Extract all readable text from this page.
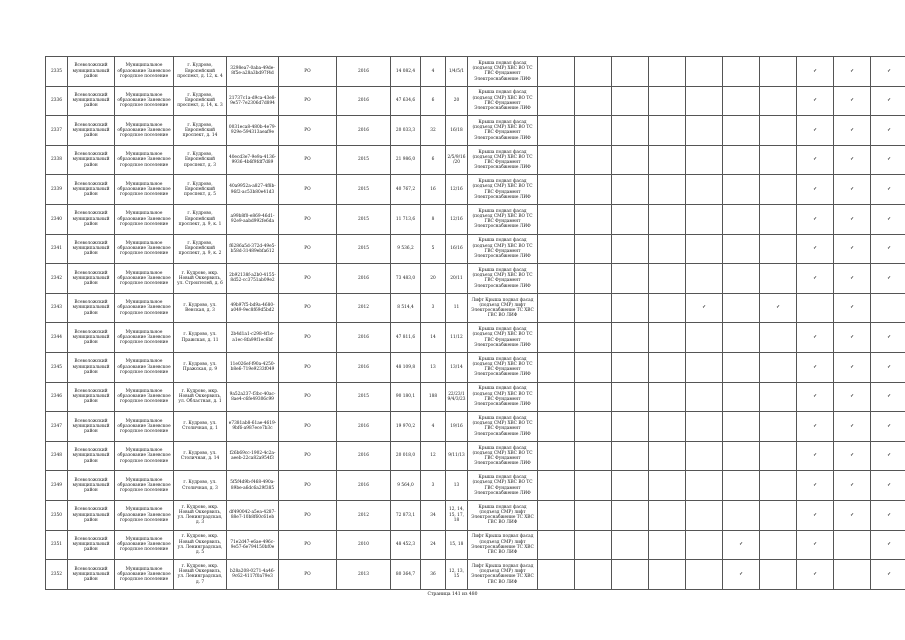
2335	Всеволожский муниципальный район	Муниципальное образование Заневское городское поселение	г. Кудрово, Европейский проспект, д. 12, к. 4	3298ea7-0aba-49de-8f5e-a28a3bd97f4d	РО	2016	14 082,4	4	1/4/5/1	Крыша подвал фасад (подъезд СМР) ХВС ВО ТС ГВС Фундамент Электроснабжение ЛИФ								✓	✓	✓
2336	Всеволожский муниципальный район	Муниципальное образование Заневское городское поселение	г. Кудрово, Европейский проспект, д. 14, к. 3	21737c1a-d9ca-43e8-9e57-7e2306d7d894	РО	2016	47 634,6	6	20	Крыша подвал фасад (подъезд СМР) ХВС ВО ТС ГВС Фундамент Электроснабжение ЛИФ								✓	✓	✓
2337	Всеволожский муниципальный район	Муниципальное образование Заневское городское поселение	г. Кудрово, Европейский проспект, д. 14	0031eca8-480b-4e79-929e-594313aeaf9e	РО	2016	20 033,3	32	16/18	Крыша подвал фасад (подъезд СМР) ХВС ВО ТС ГВС Фундамент Электроснабжение ЛИФ								✓	✓	✓
2338	Всеволожский муниципальный район	Муниципальное образование Заневское городское поселение	г. Кудрово, Европейский проспект, д. 3	40ecd3e7-9e9a-4136-9936-4b6f9fdf7d89	РО	2015	21 986,0	6	2/5/9/16/20	Крыша подвал фасад (подъезд СМР) ХВС ВО ТС ГВС Фундамент Электроснабжение ЛИФ								✓	✓	✓
2339	Всеволожский муниципальный район	Муниципальное образование Заневское городское поселение	г. Кудрово, Европейский проспект, д. 5	40a9952a-a827-4f8b-96f2-ac53b80e41d3	РО	2015	40 767,2	16	12/16	Крыша подвал фасад (подъезд СМР) ХВС ВО ТС ГВС Фундамент Электроснабжение ЛИФ								✓	✓	✓
2340	Всеволожский муниципальный район	Муниципальное образование Заневское городское поселение	г. Кудрово, Европейский проспект, д. 9, к. 1	a99b8f0-e869-46d1-92e9-aabd992fe6da	РО	2015	11 713,6	8	12/16	Крыша подвал фасад (подъезд СМР) ХВС ВО ТС ГВС Фундамент Электроснабжение ЛИФ								✓	✓	✓
2341	Всеволожский муниципальный район	Муниципальное образование Заневское городское поселение	г. Кудрово, Европейский проспект, д. 9, к. 2	f6286a5d-372d-49e5-b58d-31489ebfa612	РО	2015	9 536,2	5	16/16	Крыша подвал фасад (подъезд СМР) ХВС ВО ТС ГВС Фундамент Электроснабжение ЛИФ								✓	✓	✓
2342	Всеволожский муниципальный район	Муниципальное образование Заневское городское поселение	г. Кудрово, мкр. Новый Оккервиль, ул. Строителей, д. 6	2b92138f-a2b0-4155-8d52-cc3751ab09e2	РО	2016	73 483,0	20	20/11	Крыша подвал фасад (подъезд СМР) ХВС ВО ТС ГВС Фундамент Электроснабжение ЛИФ								✓	✓	✓
2343	Всеволожский муниципальный район	Муниципальное образование Заневское городское поселение	г. Кудрово, ул. Венская, д. 3	49b97f5-bd9a-4680-a049-9ec8f69d5bd2	РО	2012	8 514,4	3	11	Лифт Крыша подвал фасад (подъезд СМР) лифт Электроснабжение ТС ХВС ГВС ВО ЛИФ					✓		✓		✓	
2344	Всеволожский муниципальный район	Муниципальное образование Заневское городское поселение	г. Кудрово, ул. Пражская, д. 11	2b4d1a1-c298-4f1e-a1ec-8fa99f1ec6bf	РО	2016	47 811,6	14	11/12	Крыша подвал фасад (подъезд СМР) ХВС ВО ТС ГВС Фундамент Электроснабжение ЛИФ								✓	✓	✓
2345	Всеволожский муниципальный район	Муниципальное образование Заневское городское поселение	г. Кудрово, ул. Пражская, д. 9	11e026ef-f90a-4250-b8e6-719e9233f049	РО	2016	48 109,8	13	13/14	Крыша подвал фасад (подъезд СМР) ХВС ВО ТС ГВС Фундамент Электроснабжение ЛИФ								✓	✓	✓
2346	Всеволожский муниципальный район	Муниципальное образование Заневское городское поселение	г. Кудрово, мкр. Новый Оккервиль, ул. Областная, д. 1	9a52a237-f3bc-40ac-8ae4-c6fe49306c99	РО	2015	90 180,1	188	22/23/19/4/3/23	Крыша подвал фасад (подъезд СМР) ХВС ВО ТС ГВС Фундамент Электроснабжение ЛИФ								✓	✓	✓
2347	Всеволожский муниципальный район	Муниципальное образование Заневское городское поселение	г. Кудрово, ул. Столичная, д. 1	e7381ab8-61ae-4619-9bf6-a987ece7b3c	РО	2016	19 970,2	4	19/16	Крыша подвал фасад (подъезд СМР) ХВС ВО ТС ГВС Фундамент Электроснабжение ЛИФ								✓	✓	✓
2348	Всеволожский муниципальный район	Муниципальное образование Заневское городское поселение	г. Кудрово, ул. Столичная, д. 14	f26b69cc-1902-4c2a-aeeb-22ca82a954f3	РО	2016	20 018,0	12	9/11/13	Крыша подвал фасад (подъезд СМР) ХВС ВО ТС ГВС Фундамент Электроснабжение ЛИФ								✓	✓	✓
2349	Всеволожский муниципальный район	Муниципальное образование Заневское городское поселение	г. Кудрово, ул. Столичная, д. 3	5f5f4d9b-f468-490a-89be-a6dc6a29f385	РО	2016	9 564,0	3	13	Крыша подвал фасад (подъезд СМР) ХВС ВО ТС ГВС Фундамент Электроснабжение ЛИФ								✓	✓	✓
2350	Всеволожский муниципальный район	Муниципальное образование Заневское городское поселение	г. Кудрово, мкр. Новый Оккервиль, ул. Ленинградская, д. 3	df490042-a5ea-4287-88e7-10b8f60c61eb	РО	2012	72 873,1	34	12, 14, 15, 17, 18	Крыша подвал фасад (подъезд СМР) лифт Электроснабжение ТС ХВС ГВС ВО ЛИФ								✓	✓	✓
2351	Всеволожский муниципальный район	Муниципальное образование Заневское городское поселение	г. Кудрово, мкр. Новый Оккервиль, ул. Ленинградская, д. 5	71e2d47-e6ae-496c-9e57-6e794150bf0e	РО	2010	48 452,3	24	15, 18	Лифт Крыша подвал фасад (подъезд СМР) лифт Электроснабжение ТС ХВС ГВС ВО ЛИФ						✓		✓		✓
2352	Всеволожский муниципальный район	Муниципальное образование Заневское городское поселение	г. Кудрово, мкр. Новый Оккервиль, ул. Ленинградская, д. 7	b28a208-0271-4a46-9c62-4117f0a79e3	РО	2013	80 364,7	36	12, 13, 15	Лифт Крыша подвал фасад (подъезд СМР) лифт Электроснабжение ТС ХВС ГВС ВО ЛИФ						✓		✓		✓
Страница 141 из 480
